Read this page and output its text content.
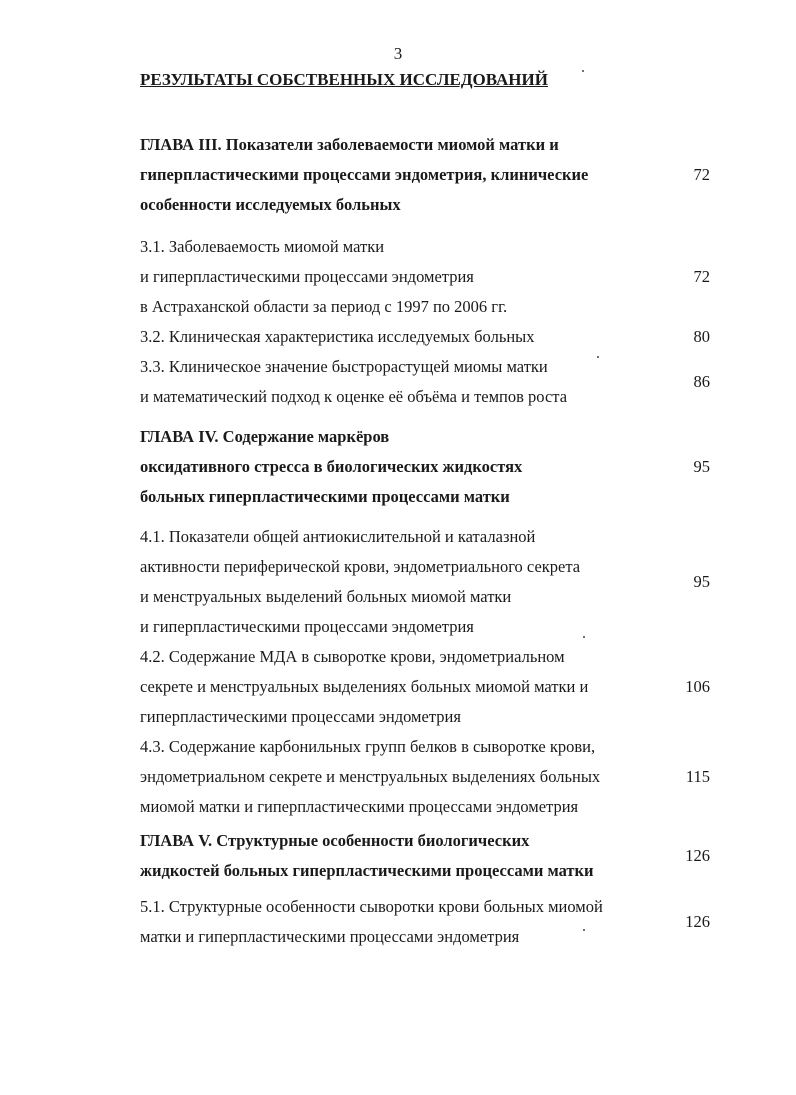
3
РЕЗУЛЬТАТЫ СОБСТВЕННЫХ ИССЛЕДОВАНИЙ
ГЛАВА III. Показатели заболеваемости миомой матки и
гиперпластическими процессами эндометрия, клинические
особенности исследуемых больных
72
3.1. Заболеваемость миомой матки
и гиперпластическими процессами эндометрия
в Астраханской области за период с 1997 по 2006 гг.
72
3.2. Клиническая характеристика исследуемых больных	80
3.3. Клиническое значение быстрорастущей миомы матки
и математический подход к оценке её объёма и темпов роста
86
ГЛАВА IV. Содержание маркёров
оксидативного стресса в биологических жидкостях
больных гиперпластическими процессами матки
95
4.1. Показатели общей антиокислительной и каталазной
активности периферической крови, эндометриального секрета
и менструальных выделений больных миомой матки
и гиперпластическими процессами эндометрия
95
4.2. Содержание МДА в сыворотке крови, эндометриальном
секрете и менструальных выделениях больных миомой матки и
гиперпластическими процессами эндометрия
106
4.3. Содержание карбонильных групп белков в сыворотке крови,
эндометриальном секрете и менструальных выделениях больных
миомой матки и гиперпластическими процессами эндометрия
115
ГЛАВА V. Структурные особенности биологических
жидкостей больных гиперпластическими процессами матки
126
5.1. Структурные особенности сыворотки крови больных миомой
матки и гиперпластическими процессами эндометрия
126
